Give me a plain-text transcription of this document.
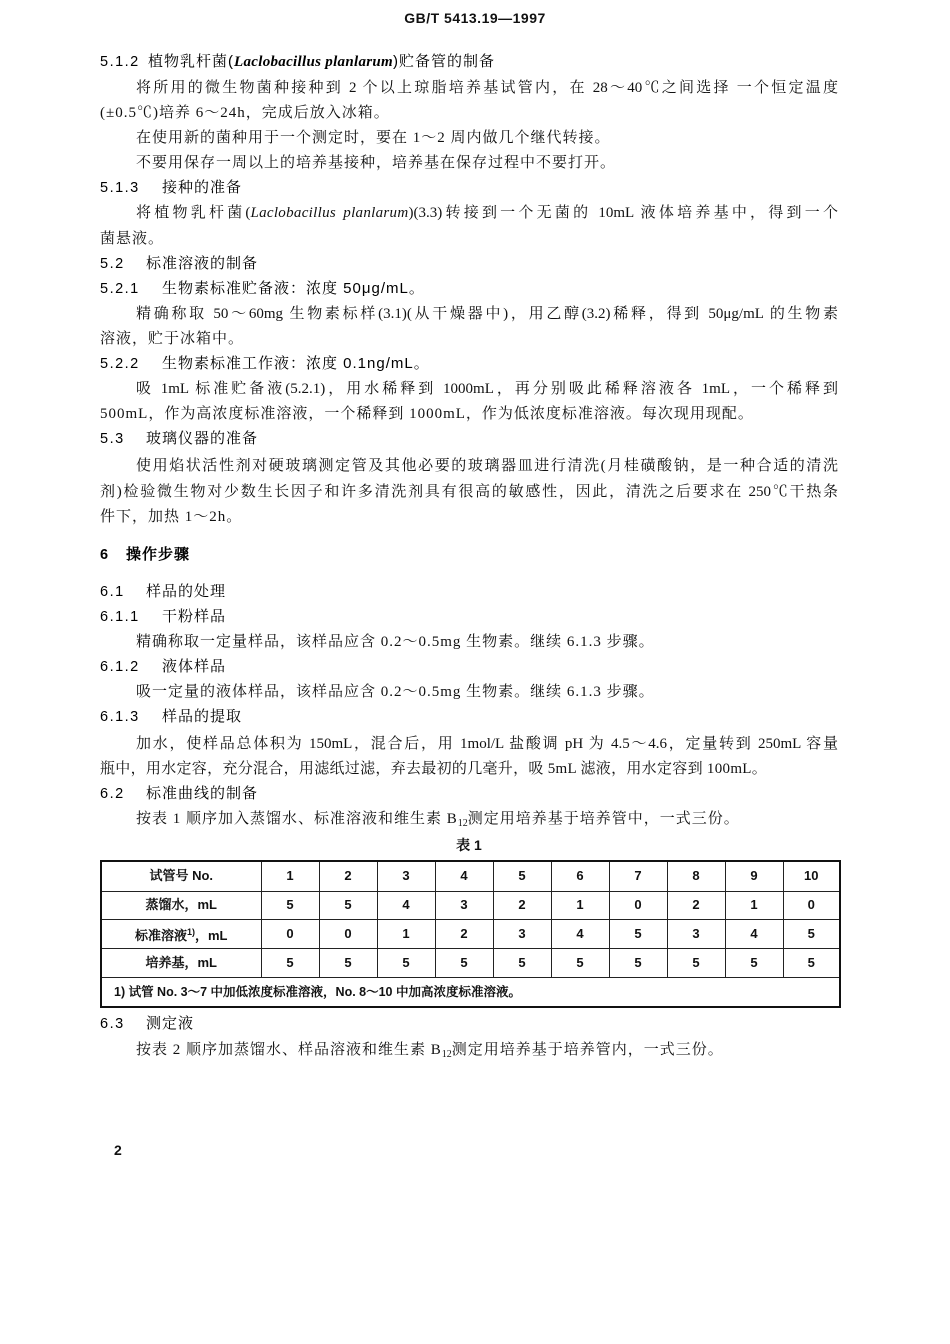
GB/T 5413.19—1997
5.1.2 植物乳杆菌(Laclobacillus planlarum)贮备管的制备
将所用的微生物菌种接种到 2 个以上琼脂培养基试管内，在 28～40℃之间选择 一个恒定温度
(±0.5℃)培养 6～24h，完成后放入冰箱。
在使用新的菌种用于一个测定时，要在 1～2 周内做几个继代转接。
不要用保存一周以上的培养基接种，培养基在保存过程中不要打开。
5.1.3 接种的准备
将植物乳杆菌(Laclobacillus planlarum)(3.3)转接到一个无菌的 10mL 液体培养基中，得到一个
菌悬液。
5.2 标准溶液的制备
5.2.1 生物素标准贮备液：浓度 50μg/mL。
精确称取 50～60mg 生物素标样(3.1)(从干燥器中)，用乙醇(3.2)稀释，得到 50μg/mL 的生物素
溶液，贮于冰箱中。
5.2.2 生物素标准工作液：浓度 0.1ng/mL。
吸 1mL 标准贮备液(5.2.1)，用水稀释到 1000mL，再分别吸此稀释溶液各 1mL，一个稀释到
500mL，作为高浓度标准溶液，一个稀释到 1000mL，作为低浓度标准溶液。每次现用现配。
5.3 玻璃仪器的准备
使用焰状活性剂对硬玻璃测定管及其他必要的玻璃器皿进行清洗(月桂磺酸钠，是一种合适的清洗
剂)检验微生物对少数生长因子和许多清洗剂具有很高的敏感性，因此，清洗之后要求在 250℃干热条
件下，加热 1～2h。
6 操作步骤
6.1 样品的处理
6.1.1 干粉样品
精确称取一定量样品，该样品应含 0.2～0.5mg 生物素。继续 6.1.3 步骤。
6.1.2 液体样品
吸一定量的液体样品，该样品应含 0.2～0.5mg 生物素。继续 6.1.3 步骤。
6.1.3 样品的提取
加水，使样品总体积为 150mL，混合后，用 1mol/L 盐酸调 pH 为 4.5～4.6，定量转到 250mL 容量
瓶中，用水定容，充分混合，用滤纸过滤，弃去最初的几毫升，吸 5mL 滤液，用水定容到 100mL。
6.2 标准曲线的制备
按表 1 顺序加入蒸馏水、标准溶液和维生素 $B_{12}$测定用培养基于培养管中，一式三份。
表 1
试管号 No.	1	2	3	4	5	6	7	8	9	10
蒸馏水，mL	5	5	4	3	2	1	0	2	1	0
标准溶液$^{1)}$，mL	0	0	1	2	3	4	5	3	4	5
培养基，mL	5	5	5	5	5	5	5	5	5	5
1) 试管 No. 3～7 中加低浓度标准溶液，No. 8～10 中加高浓度标准溶液。										
6.3 测定液
按表 2 顺序加蒸馏水、样品溶液和维生素 $B_{12}$测定用培养基于培养管内，一式三份。
2
